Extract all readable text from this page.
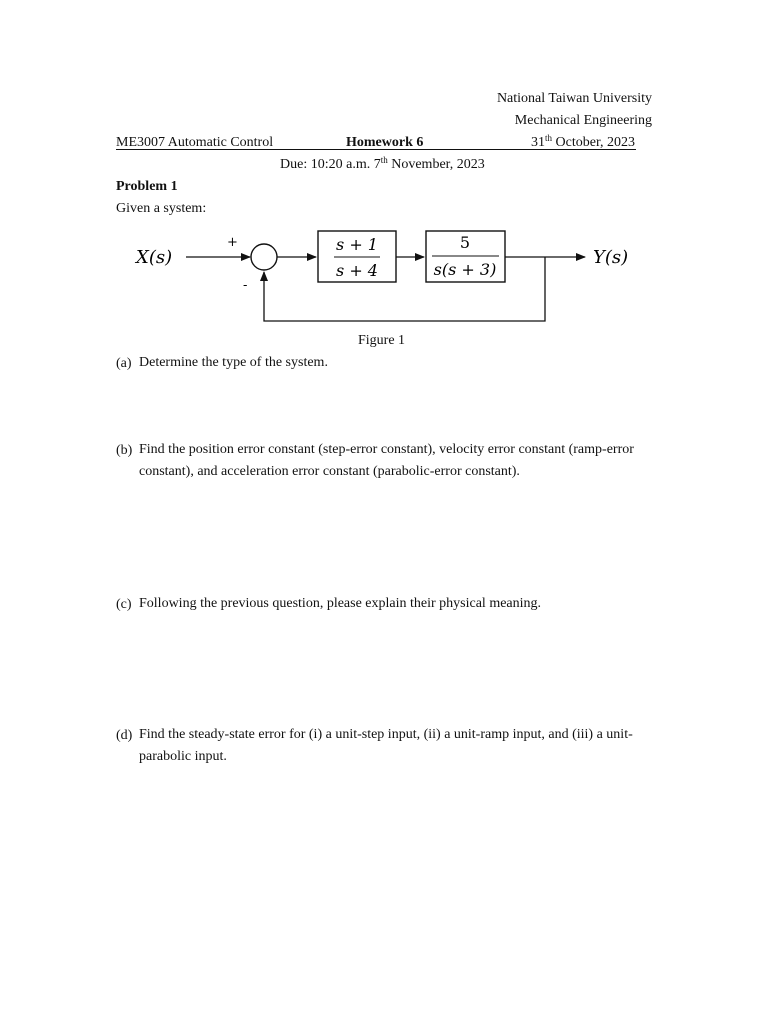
National Taiwan University
Mechanical Engineering
ME3007 Automatic Control	Homework 6	31th October, 2023
Due: 10:20 a.m. 7th November, 2023
Problem 1
Given a system:
X(s)
+
-
s + 1
s + 4
5
s(s + 3)
Y(s)
Figure 1
(a) Determine the type of the system.
(b) Find the position error constant (step-error constant), velocity error constant (ramp-error constant), and acceleration error constant (parabolic-error constant).
(c) Following the previous question, please explain their physical meaning.
(d) Find the steady-state error for (i) a unit-step input, (ii) a unit-ramp input, and (iii) a unit-parabolic input.
